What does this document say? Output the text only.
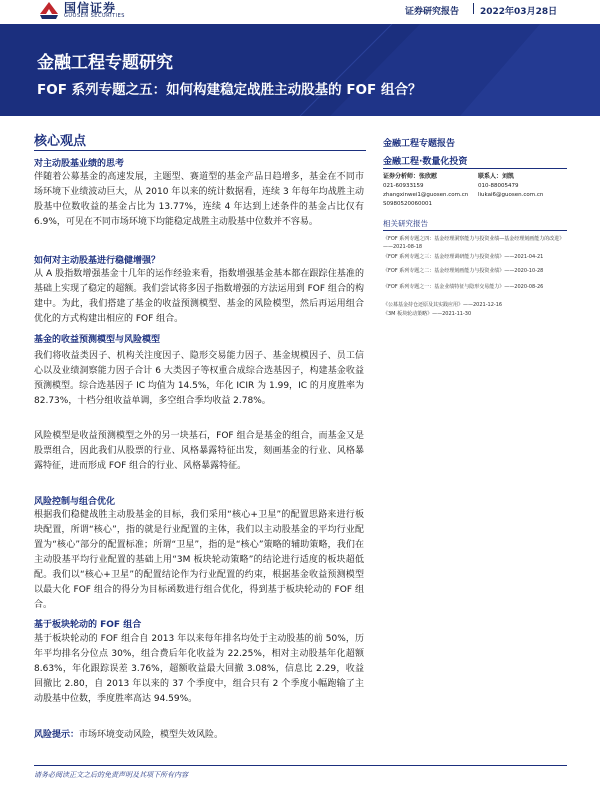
国信证券
GUOSEN SECURITIES	证券研究报告 2022年03月28日
金融工程专题研究
FOF 系列专题之五：如何构建稳定战胜主动股基的 FOF 组合？
核心观点
对主动股基业绩的思考
伴随着公募基金的高速发展，主题型、赛道型的基金产品日趋增多，基金在不同市场环境下业绩波动巨大，从 2010 年以来的统计数据看，连续 3 年每年均战胜主动股基中位数收益的基金占比为 13.77%，连续 4 年达到上述条件的基金占比仅有 6.9%，可见在不同市场环境下均能稳定战胜主动股基中位数并不容易。
如何对主动股基进行稳健增强？
从 A 股指数增强基金十几年的运作经验来看，指数增强基金基本都在跟踪住基准的基础上实现了稳定的超额。我们尝试将多因子指数增强的方法运用到 FOF 组合的构建中。为此，我们搭建了基金的收益预测模型、基金的风险模型，然后再运用组合优化的方式构建出相应的 FOF 组合。
基金的收益预测模型与风险模型
我们将收益类因子、机构关注度因子、隐形交易能力因子、基金规模因子、员工信心以及业绩洞察能力因子合计 6 大类因子等权重合成综合选基因子，构建基金收益预测模型。综合选基因子 IC 均值为 14.5%，年化 ICIR 为 1.99，IC 的月度胜率为 82.73%，十档分组收益单调，多空组合季均收益 2.78%。
风险模型是收益预测模型之外的另一块基石，FOF 组合是基金的组合，而基金又是股票组合，因此我们从股票的行业、风格暴露特征出发，刻画基金的行业、风格暴露特征，进而形成 FOF 组合的行业、风格暴露特征。
风险控制与组合优化
根据我们稳健战胜主动股基金的目标，我们采用“核心+卫星”的配置思路来进行板块配置，所谓“核心”，指的就是行业配置的主体，我们以主动股基金的平均行业配置为“核心”部分的配置标准；所谓“卫星”，指的是“核心”策略的辅助策略，我们在主动股基平均行业配置的基础上用“3M 板块轮动策略”的结论进行适度的板块超低配。我们以“核心+卫星”的配置结论作为行业配置的约束，根据基金收益预测模型以最大化 FOF 组合的得分为目标函数进行组合优化，得到基于板块轮动的 FOF 组合。
基于板块轮动的 FOF 组合
基于板块轮动的 FOF 组合自 2013 年以来每年排名均处于主动股基的前 50%，历年平均排名分位点 30%，组合费后年化收益为 22.25%，相对主动股基年化超额 8.63%，年化跟踪误差 3.76%，超额收益最大回撤 3.08%，信息比 2.29，收益回撤比 2.80，自 2013 年以来的 37 个季度中，组合只有 2 个季度小幅跑输了主动股基中位数，季度胜率高达 94.59%。
风险提示：市场环境变动风险，模型失效风险。
金融工程专题报告
金融工程·数量化投资
证券分析师：张欣慰
021-60933159
zhangxinwei1@guosen.com.cn
S0980520060001
联系人：刘凯
010-88005479
liukai6@guosen.com.cn
相关研究报告
《FOF 系列专题之四：基金经理洞察能力与投资业绩—基金经理刻画能力的改进》——2021-08-18
《FOF 系列专题之三：基金经理调研能力与投资业绩》——2021-04-21
《FOF 系列专题之二：基金经理刻画能力与投资业绩》——2020-10-28
《FOF 系列专题之一：基金业绩特征与隐形交易能力》——2020-08-26
《公募基金持仓还原及其实践应用》——2021-12-16
《3M 板块轮动策略》——2021-11-30
请务必阅读正文之后的免责声明及其项下所有内容
